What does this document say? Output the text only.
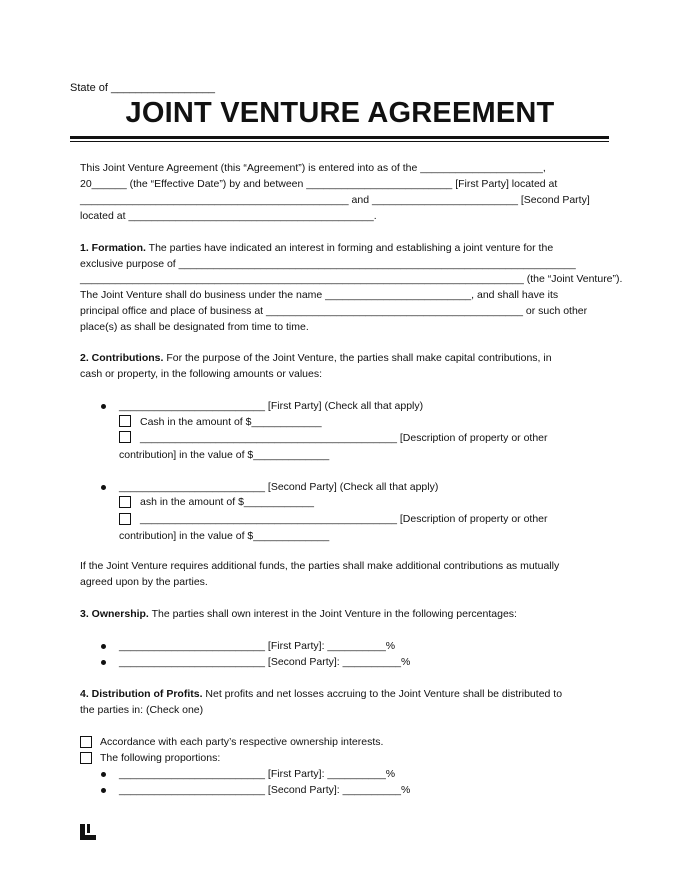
State of _________________
JOINT VENTURE AGREEMENT
This Joint Venture Agreement (this “Agreement”) is entered into as of the _____________________,
20______ (the “Effective Date”) by and between _________________________ [First Party] located at
______________________________________________ and _________________________ [Second Party]
located at __________________________________________.
1. Formation. The parties have indicated an interest in forming and establishing a joint venture for the
exclusive purpose of ____________________________________________________________________
____________________________________________________________________________ (the “Joint Venture”).
The Joint Venture shall do business under the name _________________________, and shall have its
principal office and place of business at ____________________________________________ or such other
place(s) as shall be designated from time to time.
2. Contributions. For the purpose of the Joint Venture, the parties shall make capital contributions, in
cash or property, in the following amounts or values:
_________________________ [First Party] (Check all that apply)
Cash in the amount of $____________
____________________________________________ [Description of property or other
contribution] in the value of $_____________
_________________________ [Second Party] (Check all that apply)
ash in the amount of $____________
____________________________________________ [Description of property or other
contribution] in the value of $_____________
If the Joint Venture requires additional funds, the parties shall make additional contributions as mutually
agreed upon by the parties.
3. Ownership. The parties shall own interest in the Joint Venture in the following percentages:
_________________________ [First Party]: __________%
_________________________ [Second Party]: __________%
4. Distribution of Profits. Net profits and net losses accruing to the Joint Venture shall be distributed to
the parties in: (Check one)
Accordance with each party’s respective ownership interests.
The following proportions:
_________________________ [First Party]: __________%
_________________________ [Second Party]: __________%
